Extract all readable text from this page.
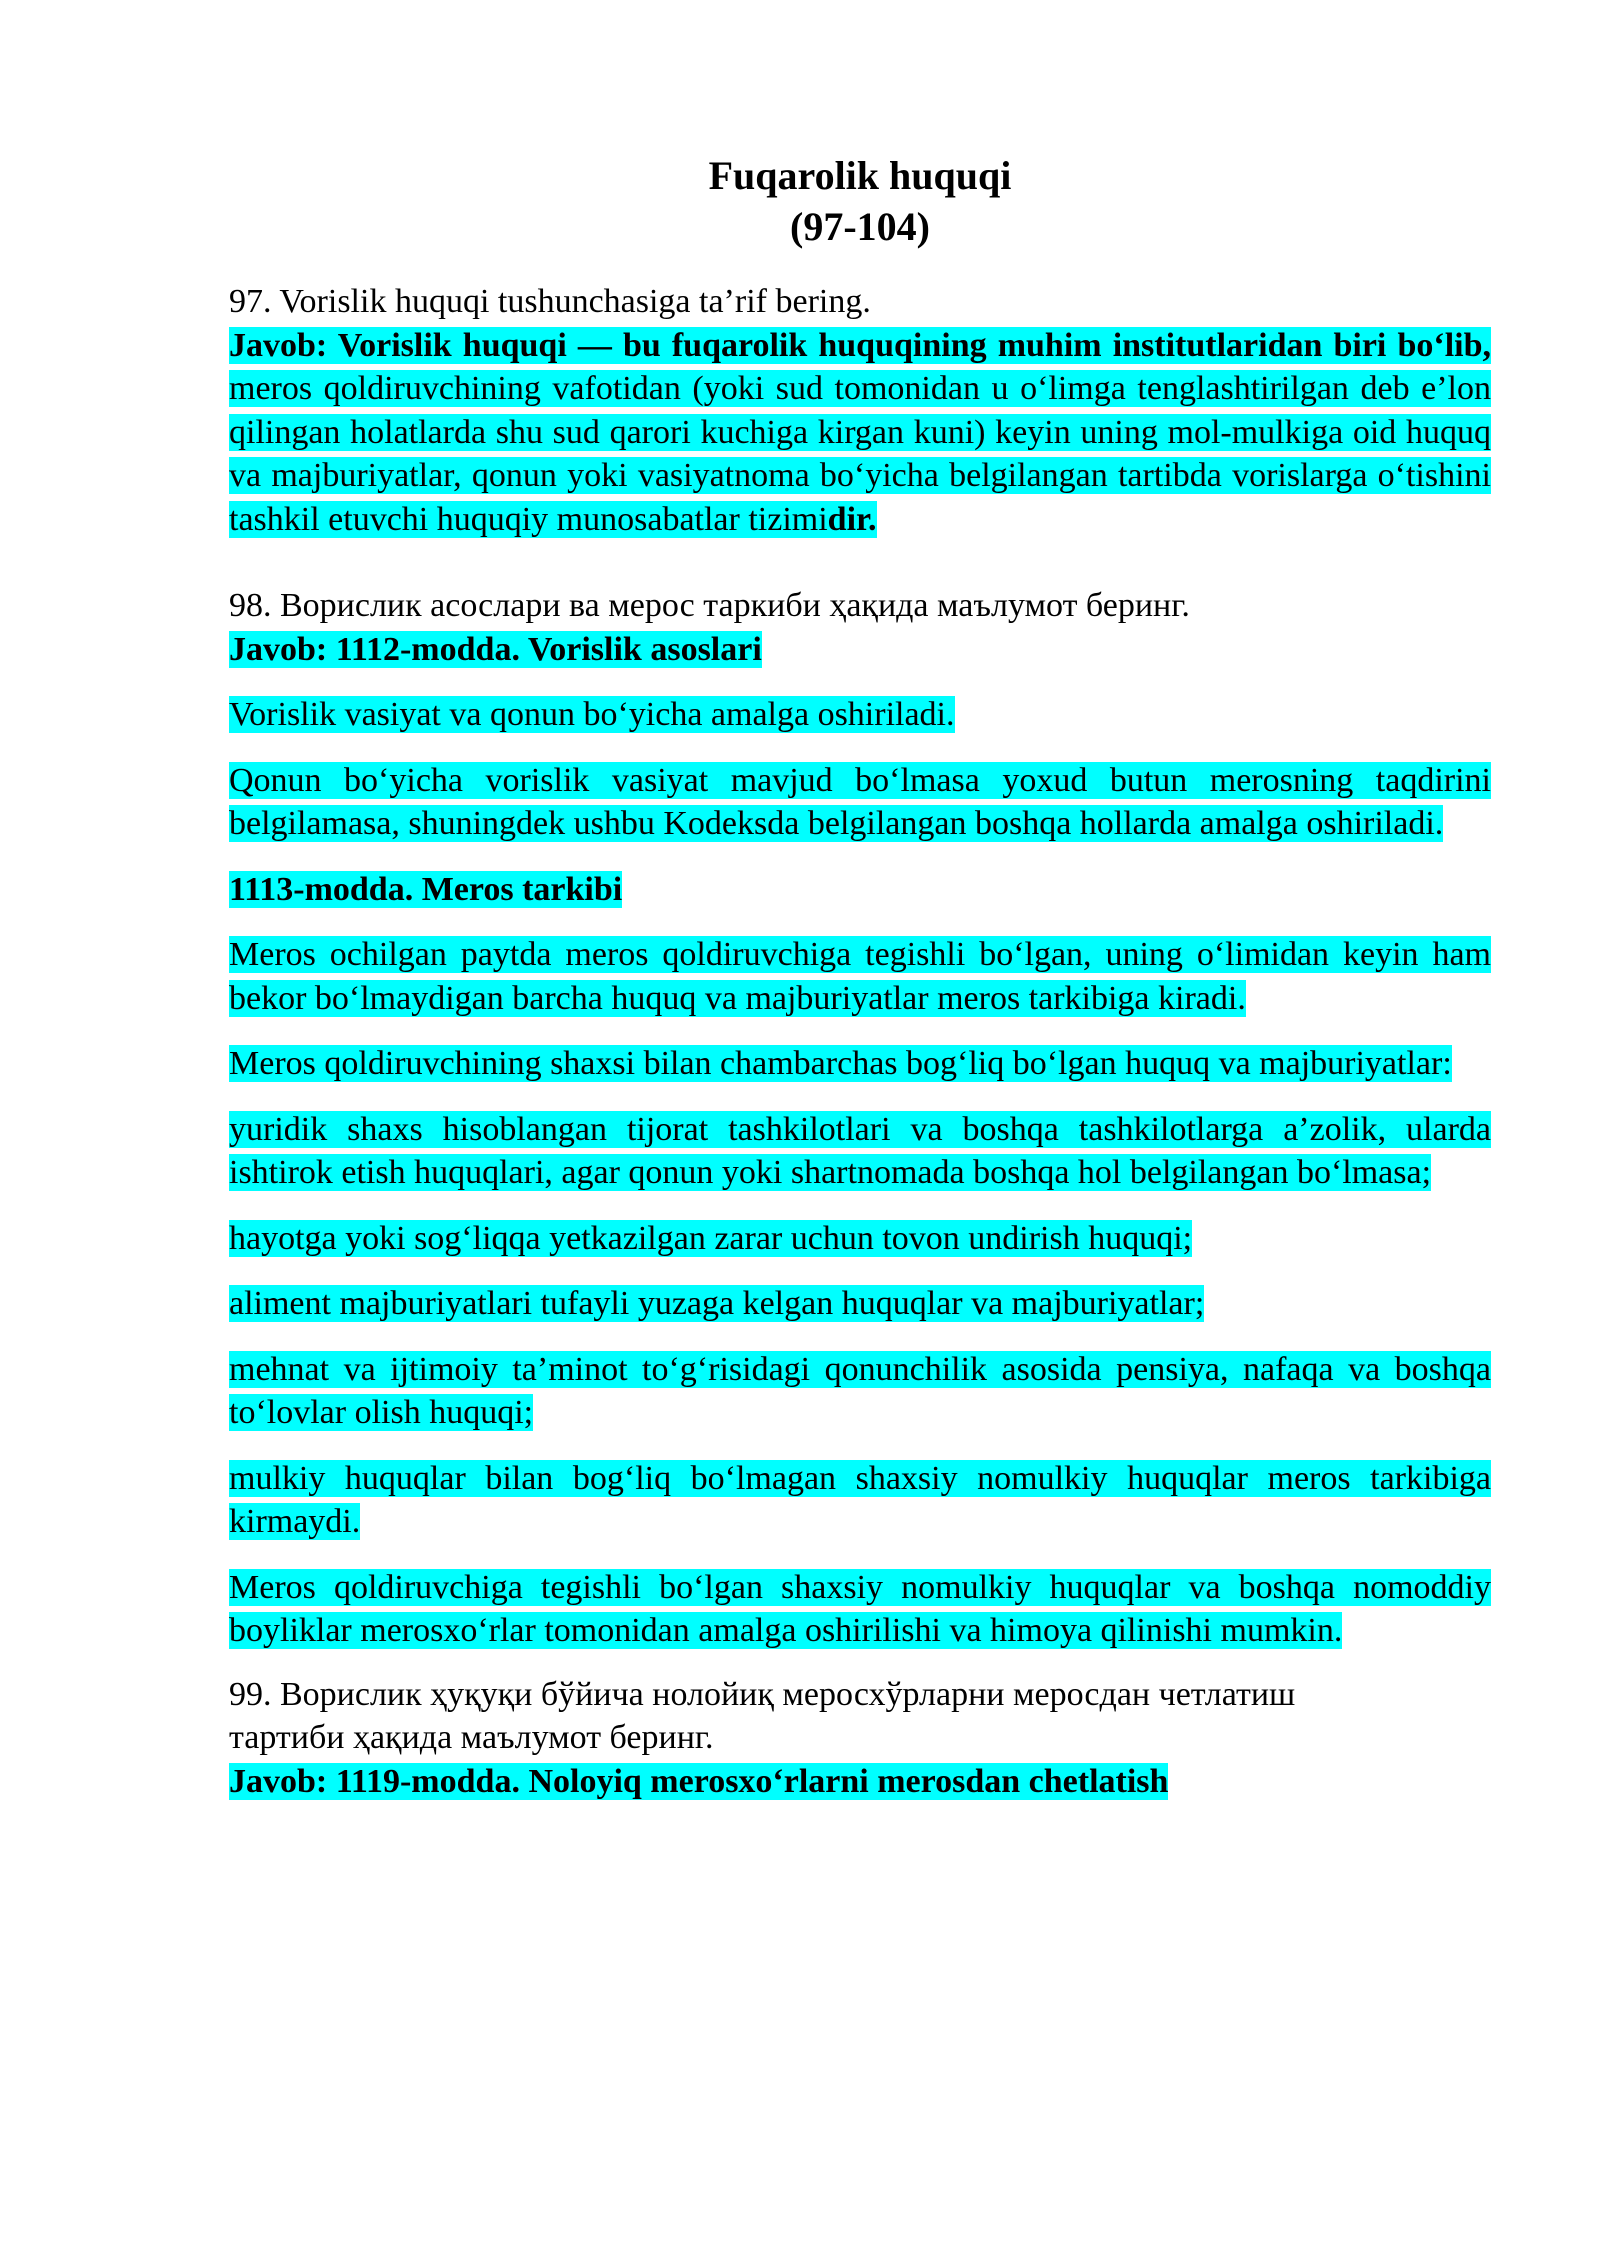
Fuqarolik huquqi
(97-104)

97. Vorislik huquqi tushunchasiga ta’rif bering.

Javob: Vorislik huquqi — bu fuqarolik huquqining muhim institutlaridan biri bo‘lib, meros qoldiruvchining vafotidan (yoki sud tomonidan u o‘limga tenglashtirilgan deb e’lon qilingan holatlarda shu sud qarori kuchiga kirgan kuni) keyin uning mol-mulkiga oid huquq va majburiyatlar, qonun yoki vasiyatnoma bo‘yicha belgilangan tartibda vorislarga o‘tishini tashkil etuvchi huquqiy munosabatlar tizimidir.

98. Ворислик асослари ва мерос таркиби ҳақида маълумот беринг.

Javob: 1112-modda. Vorislik asoslari

Vorislik vasiyat va qonun bo‘yicha amalga oshiriladi.

Qonun bo‘yicha vorislik vasiyat mavjud bo‘lmasa yoxud butun merosning taqdirini belgilamasa, shuningdek ushbu Kodeksda belgilangan boshqa hollarda amalga oshiriladi.

1113-modda. Meros tarkibi

Meros ochilgan paytda meros qoldiruvchiga tegishli bo‘lgan, uning o‘limidan keyin ham bekor bo‘lmaydigan barcha huquq va majburiyatlar meros tarkibiga kiradi.

Meros qoldiruvchining shaxsi bilan chambarchas bog‘liq bo‘lgan huquq va majburiyatlar:

yuridik shaxs hisoblangan tijorat tashkilotlari va boshqa tashkilotlarga a’zolik, ularda ishtirok etish huquqlari, agar qonun yoki shartnomada boshqa hol belgilangan bo‘lmasa;

hayotga yoki sog‘liqqa yetkazilgan zarar uchun tovon undirish huquqi;

aliment majburiyatlari tufayli yuzaga kelgan huquqlar va majburiyatlar;

mehnat va ijtimoiy ta’minot to‘g‘risidagi qonunchilik asosida pensiya, nafaqa va boshqa to‘lovlar olish huquqi;

mulkiy huquqlar bilan bog‘liq bo‘lmagan shaxsiy nomulkiy huquqlar meros tarkibiga kirmaydi.

Meros qoldiruvchiga tegishli bo‘lgan shaxsiy nomulkiy huquqlar va boshqa nomoddiy boyliklar merosxo‘rlar tomonidan amalga oshirilishi va himoya qilinishi mumkin.

99. Ворислик ҳуқуқи бўйича нолойиқ меросхўрларни меросдан четлатиш
тартиби ҳақида маълумот беринг.

Javob: 1119-modda. Noloyiq merosxo‘rlarni merosdan chetlatish
